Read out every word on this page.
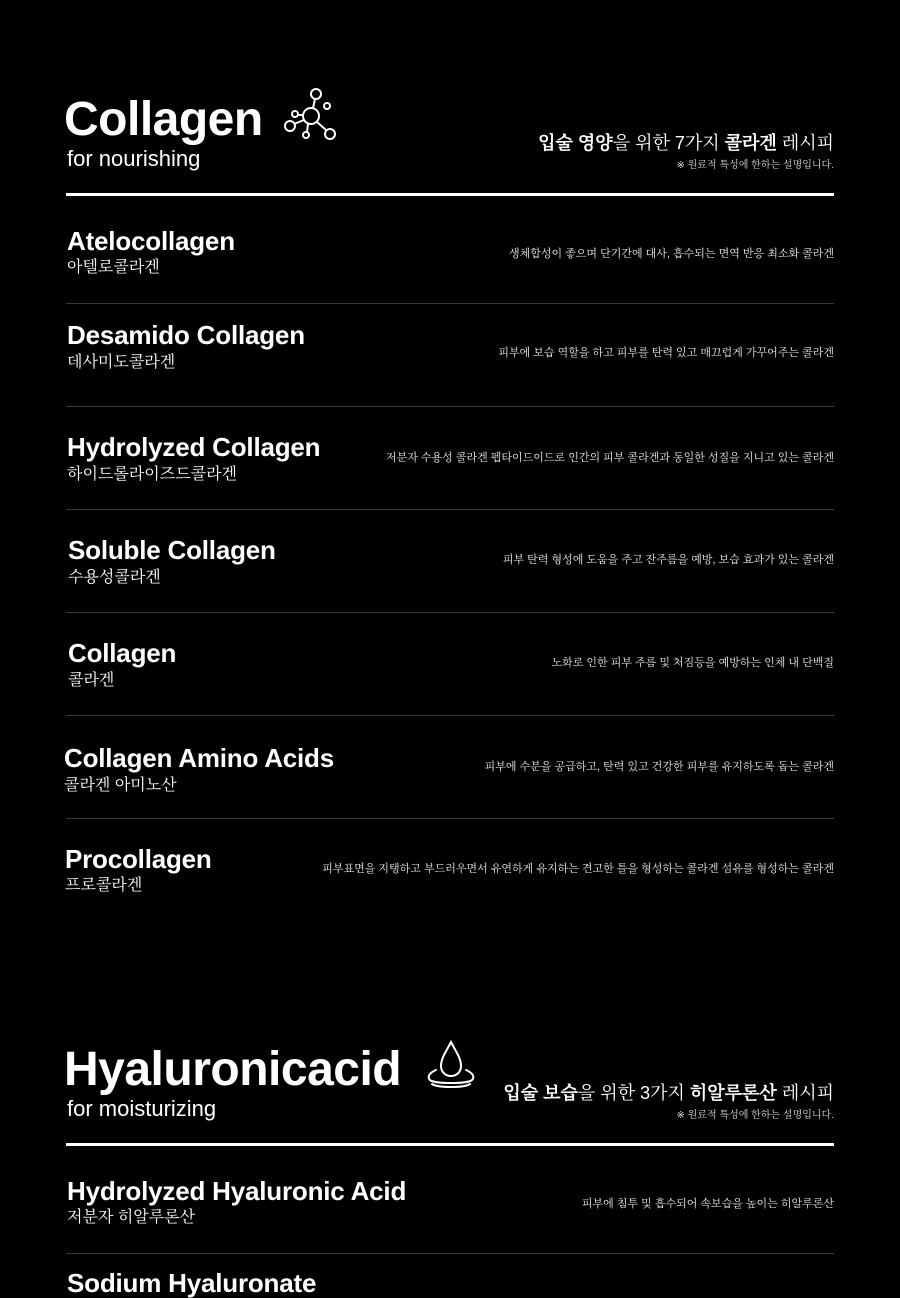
Collagen
for nourishing
입술 영양을 위한 7가지 콜라겐 레시피
※ 원료적 특성에 한하는 설명입니다.
Atelocollagen
아텔로콜라겐
생체합성이 좋으며 단기간에 대사, 흡수되는 면역 반응 최소화 콜라겐
Desamido Collagen
데사미도콜라겐
피부에 보습 역할을 하고 피부를 탄력 있고 매끄럽게 가꾸어주는 콜라겐
Hydrolyzed Collagen
하이드롤라이즈드콜라겐
저분자 수용성 콜라겐 펩타이드이드로 인간의 피부 콜라겐과 동일한 성질을 지니고 있는 콜라겐
Soluble Collagen
수용성콜라겐
피부 탄력 형성에 도움을 주고 잔주름을 예방, 보습 효과가 있는 콜라겐
Collagen
콜라겐
노화로 인한 피부 주름 및 처짐등을 예방하는 인체 내 단백질
Collagen Amino Acids
콜라겐 아미노산
피부에 수분을 공급하고, 탄력 있고 건강한 피부를 유지하도록 돕는 콜라겐
Procollagen
프로콜라겐
피부표면을 지탱하고 부드러우면서 유연하게 유지하는 견고한 틀을 형성하는 콜라겐 섬유를 형성하는 콜라겐
Hyaluronicacid
for moisturizing
입술 보습을 위한 3가지 히알루론산 레시피
※ 원료적 특성에 한하는 설명입니다.
Hydrolyzed Hyaluronic Acid
저분자 히알루론산
피부에 침투 및 흡수되어 속보습을 높이는 히알루론산
Sodium Hyaluronate
